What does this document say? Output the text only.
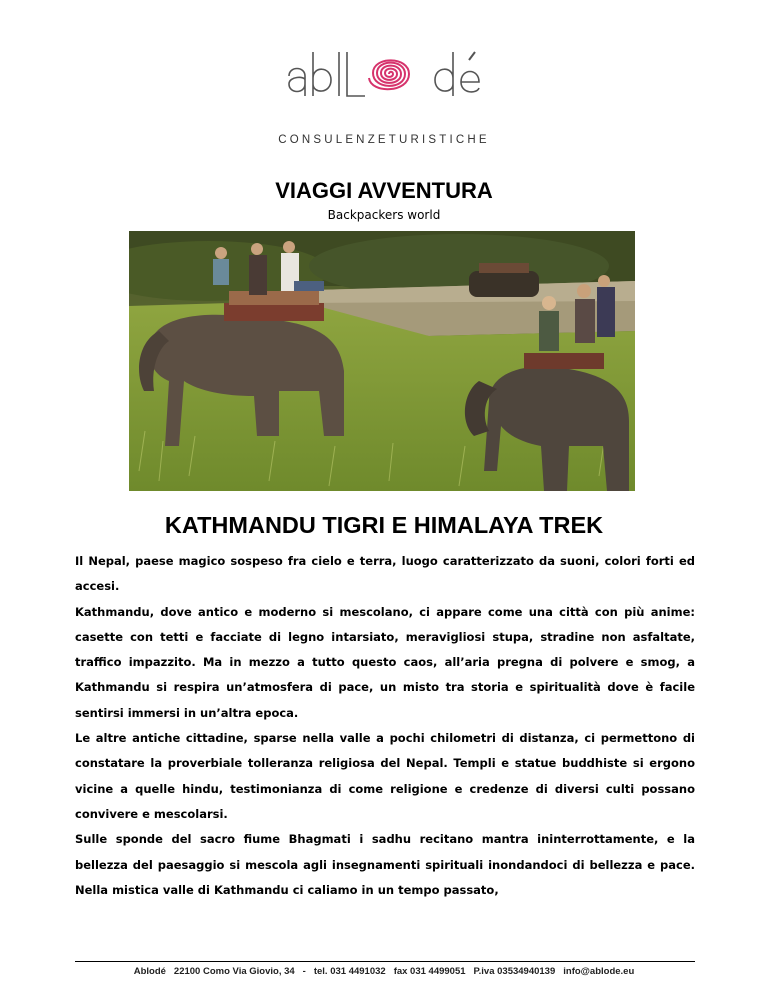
CONSULENZETURISTICHE
VIAGGI AVVENTURA
Backpackers world
KATHMANDU TIGRI E HIMALAYA TREK

Il Nepal, paese magico sospeso fra cielo e terra, luogo caratterizzato da suoni, colori forti ed accesi.

Kathmandu, dove antico e moderno si mescolano, ci appare come una città con più anime: casette con tetti e facciate di legno intarsiato, meravigliosi stupa, stradine non asfaltate, traffico impazzito. Ma in mezzo a tutto questo caos, all’aria pregna di polvere e smog, a Kathmandu si respira un’atmosfera di pace, un misto tra storia e spiritualità dove è facile sentirsi immersi in un’altra epoca.

Le altre antiche cittadine, sparse nella valle a pochi chilometri di distanza, ci permettono di constatare la proverbiale tolleranza religiosa del Nepal. Templi e statue buddhiste si ergono vicine a quelle hindu, testimonianza di come religione e credenze di diversi culti possano convivere e mescolarsi.

Sulle sponde del sacro fiume Bhagmati i sadhu recitano mantra ininterrottamente, e la bellezza del paesaggio si mescola agli insegnamenti spirituali inondandoci di bellezza e pace. Nella mistica valle di Kathmandu ci caliamo in un tempo passato,

Ablodé 22100 Como Via Giovio, 34 - tel. 031 4491032 fax 031 4499051 P.iva 03534940139 info@ablode.eu
